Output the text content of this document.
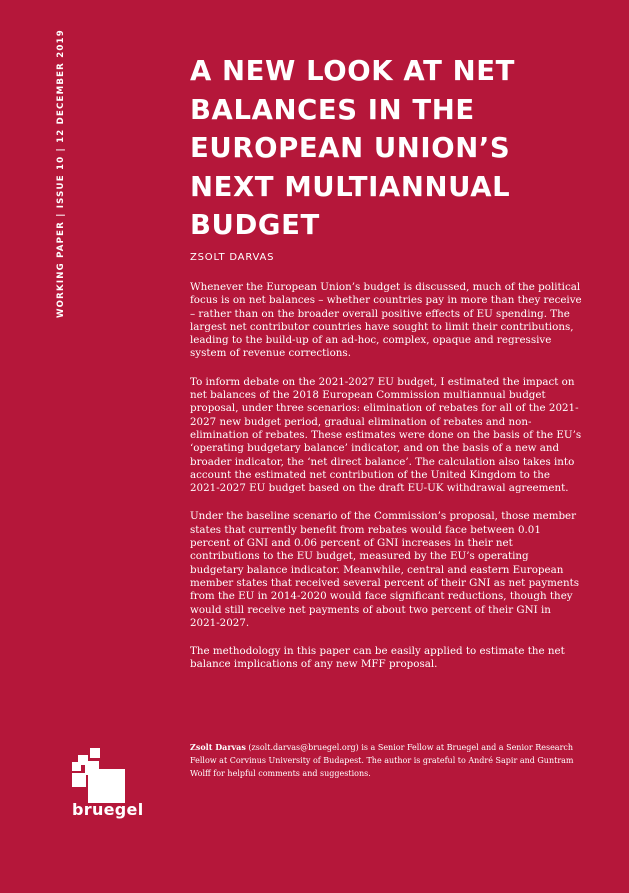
WORKING PAPER | ISSUE 10 | 12 DECEMBER 2019	A NEW LOOK AT NET BALANCES IN THE EUROPEAN UNION’S NEXT MULTIANNUAL BUDGET
ZSOLT DARVAS

Whenever the European Union’s budget is discussed, much of the political focus is on net balances – whether countries pay in more than they receive – rather than on the broader overall positive effects of EU spending. The largest net contributor countries have sought to limit their contributions, leading to the build-up of an ad-hoc, complex, opaque and regressive system of revenue corrections.

To inform debate on the 2021-2027 EU budget, I estimated the impact on net balances of the 2018 European Commission multiannual budget proposal, under three scenarios: elimination of rebates for all of the 2021-2027 new budget period, gradual elimination of rebates and non-elimination of rebates. These estimates were done on the basis of the EU’s ‘operating budgetary balance’ indicator, and on the basis of a new and broader indicator, the ‘net direct balance’. The calculation also takes into account the estimated net contribution of the United Kingdom to the 2021-2027 EU budget based on the draft EU-UK withdrawal agreement.

Under the baseline scenario of the Commission’s proposal, those member states that currently benefit from rebates would face between 0.01 percent of GNI and 0.06 percent of GNI increases in their net contributions to the EU budget, measured by the EU’s operating budgetary balance indicator. Meanwhile, central and eastern European member states that received several percent of their GNI as net payments from the EU in 2014-2020 would face significant reductions, though they would still receive net payments of about two percent of their GNI in 2021-2027.

The methodology in this paper can be easily applied to estimate the net balance implications of any new MFF proposal.

Zsolt Darvas (zsolt.darvas@bruegel.org) is a Senior Fellow at Bruegel and a Senior Research Fellow at Corvinus University of Budapest. The author is grateful to André Sapir and Guntram Wolff for helpful comments and suggestions.

bruegel
